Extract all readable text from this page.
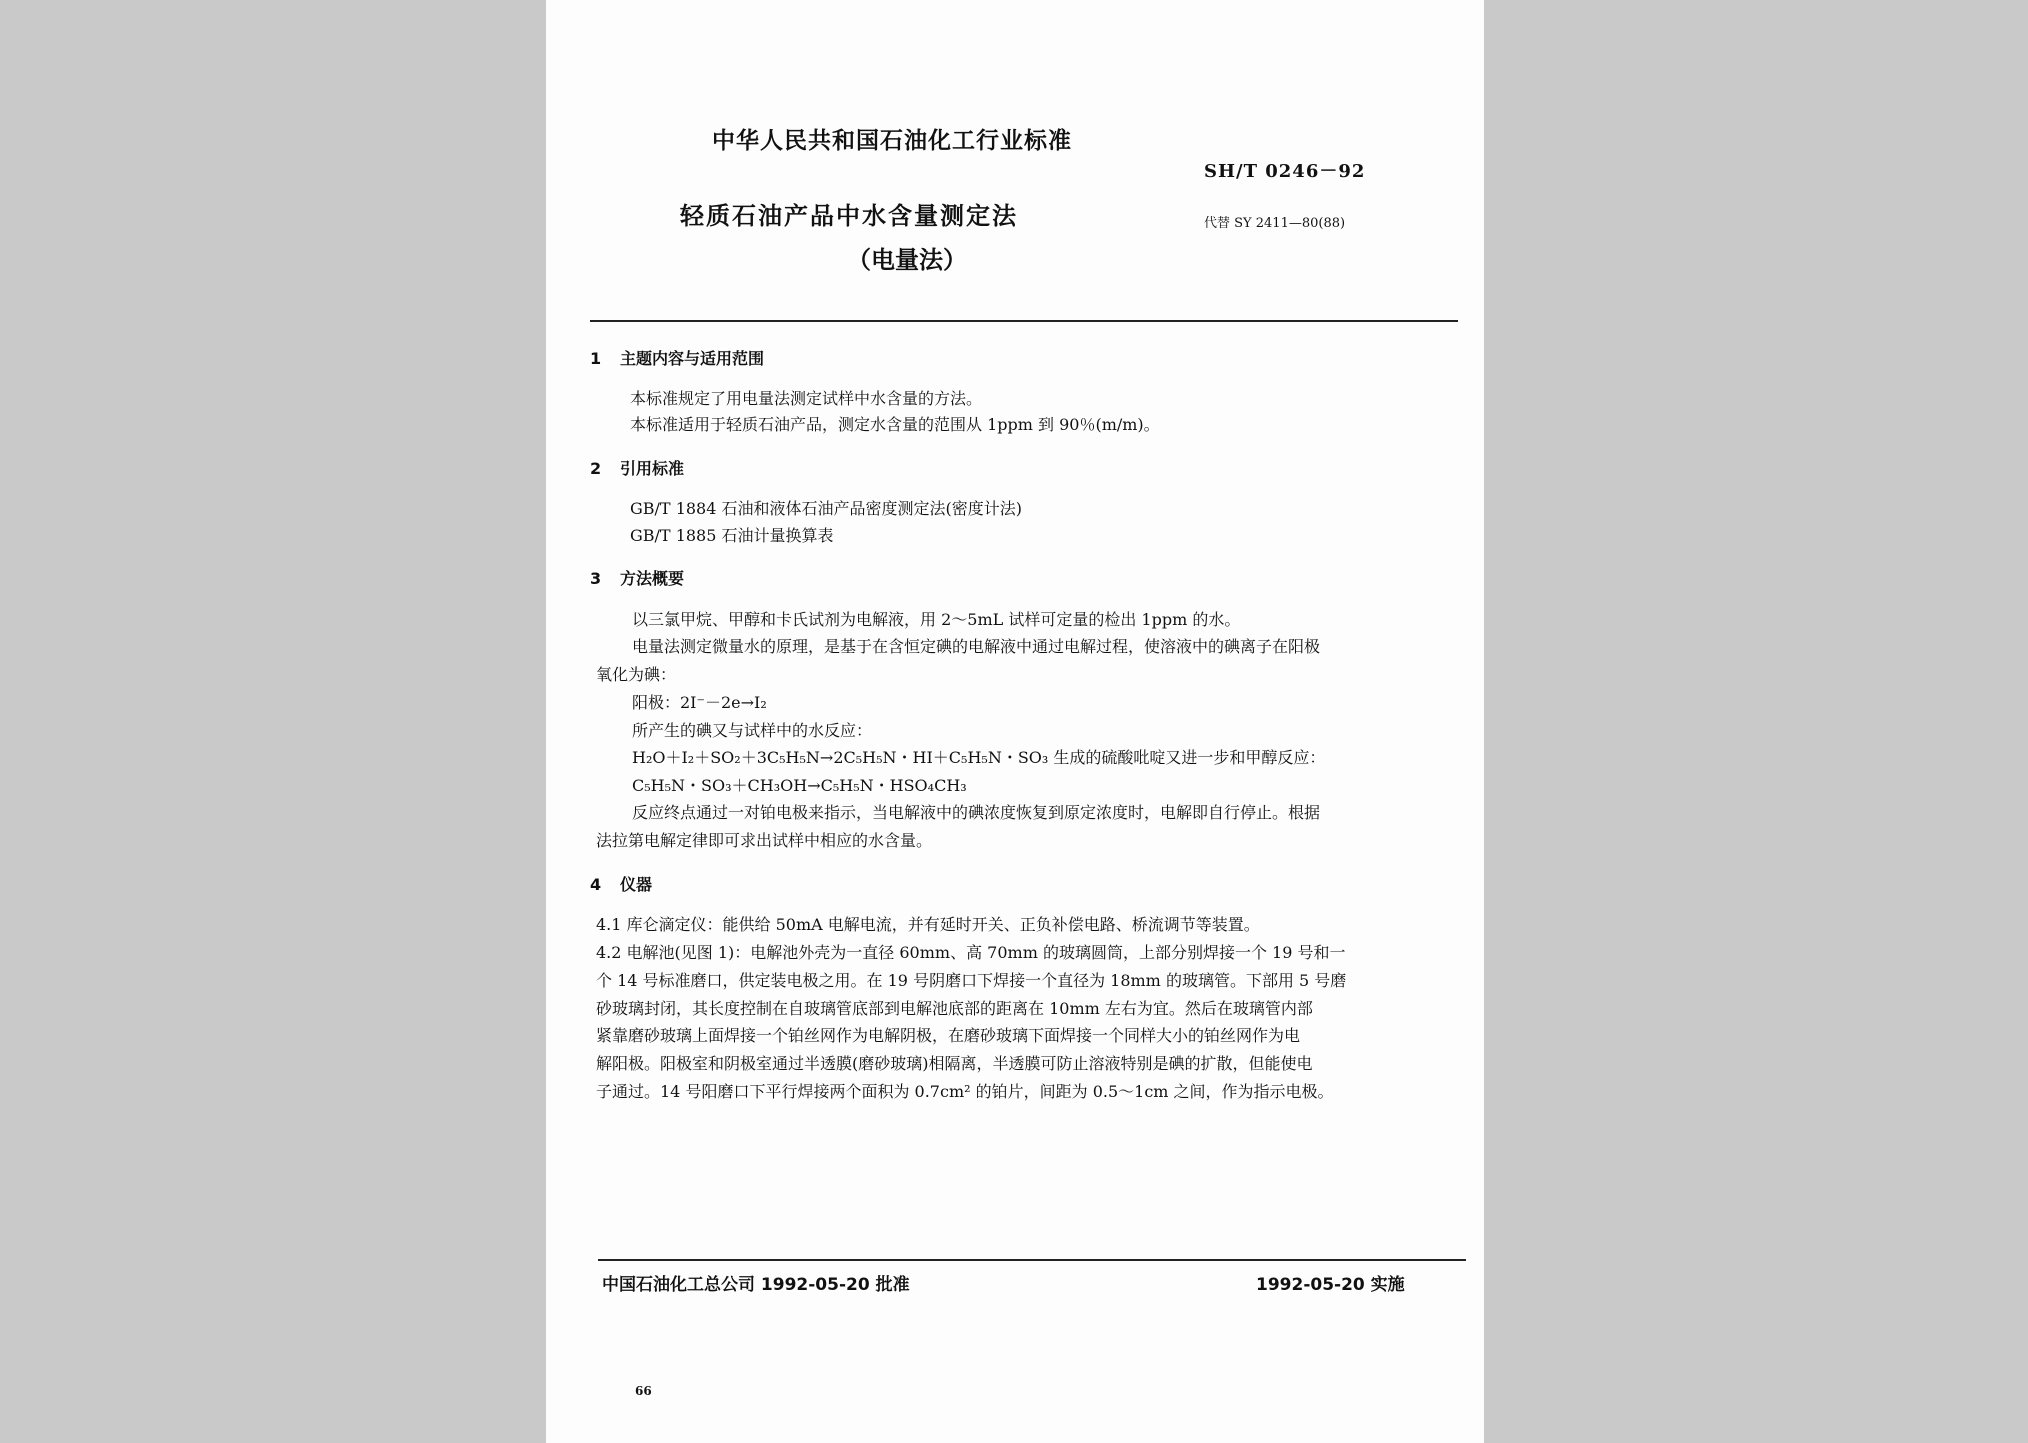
中华人民共和国石油化工行业标准
SH/T 0246－92
轻质石油产品中水含量测定法	代替 SY 2411—80(88)
（电量法）
1 主题内容与适用范围
本标准规定了用电量法测定试样中水含量的方法。
本标准适用于轻质石油产品，测定水含量的范围从 1ppm 到 90％(m/m)。
2 引用标准
GB/T 1884 石油和液体石油产品密度测定法(密度计法)
GB/T 1885 石油计量换算表
3 方法概要
以三氯甲烷、甲醇和卡氏试剂为电解液，用 2～5mL 试样可定量的检出 1ppm 的水。
电量法测定微量水的原理，是基于在含恒定碘的电解液中通过电解过程，使溶液中的碘离子在阳极
氧化为碘：
阳极：2I⁻－2e→I₂
所产生的碘又与试样中的水反应：
H₂O＋I₂＋SO₂＋3C₅H₅N→2C₅H₅N・HI＋C₅H₅N・SO₃ 生成的硫酸吡啶又进一步和甲醇反应：
C₅H₅N・SO₃＋CH₃OH→C₅H₅N・HSO₄CH₃
反应终点通过一对铂电极来指示，当电解液中的碘浓度恢复到原定浓度时，电解即自行停止。根据
法拉第电解定律即可求出试样中相应的水含量。
4 仪器
4.1 库仑滴定仪：能供给 50mA 电解电流，并有延时开关、正负补偿电路、桥流调节等装置。
4.2 电解池(见图 1)：电解池外壳为一直径 60mm、高 70mm 的玻璃圆筒，上部分别焊接一个 19 号和一
个 14 号标准磨口，供定装电极之用。在 19 号阴磨口下焊接一个直径为 18mm 的玻璃管。下部用 5 号磨
砂玻璃封闭，其长度控制在自玻璃管底部到电解池底部的距离在 10mm 左右为宜。然后在玻璃管内部
紧靠磨砂玻璃上面焊接一个铂丝网作为电解阴极，在磨砂玻璃下面焊接一个同样大小的铂丝网作为电
解阳极。阳极室和阴极室通过半透膜(磨砂玻璃)相隔离，半透膜可防止溶液特别是碘的扩散，但能使电
子通过。14 号阳磨口下平行焊接两个面积为 0.7cm² 的铂片，间距为 0.5～1cm 之间，作为指示电极。
中国石油化工总公司 1992-05-20 批准	1992-05-20 实施
66
